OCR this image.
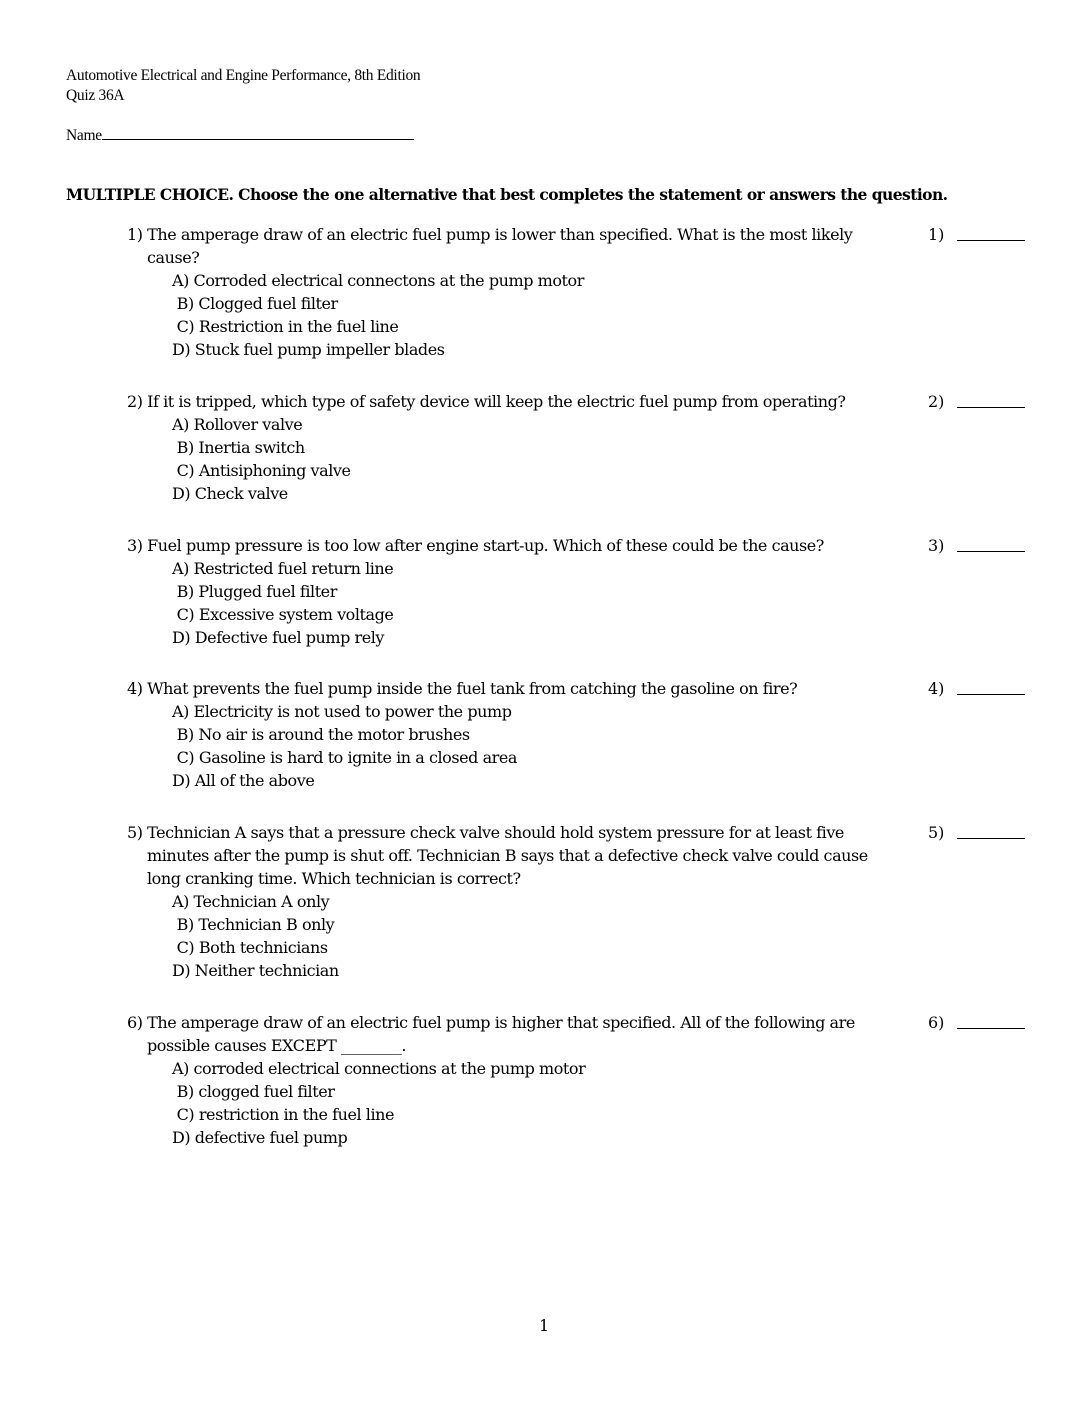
Automotive Electrical and Engine Performance, 8th Edition
Quiz 36A
Name
MULTIPLE CHOICE. Choose the one alternative that best completes the statement or answers the question.
1) The amperage draw of an electric fuel pump is lower than specified. What is the most likely
cause?
A) Corroded electrical connectons at the pump motor
B) Clogged fuel filter
C) Restriction in the fuel line
D) Stuck fuel pump impeller blades
1)
2) If it is tripped, which type of safety device will keep the electric fuel pump from operating?
A) Rollover valve
B) Inertia switch
C) Antisiphoning valve
D) Check valve
2)
3) Fuel pump pressure is too low after engine start-up. Which of these could be the cause?
A) Restricted fuel return line
B) Plugged fuel filter
C) Excessive system voltage
D) Defective fuel pump rely
3)
4) What prevents the fuel pump inside the fuel tank from catching the gasoline on fire?
A) Electricity is not used to power the pump
B) No air is around the motor brushes
C) Gasoline is hard to ignite in a closed area
D) All of the above
4)
5) Technician A says that a pressure check valve should hold system pressure for at least five
minutes after the pump is shut off. Technician B says that a defective check valve could cause
long cranking time. Which technician is correct?
A) Technician A only
B) Technician B only
C) Both technicians
D) Neither technician
5)
6) The amperage draw of an electric fuel pump is higher that specified. All of the following are
possible causes EXCEPT ________.
A) corroded electrical connections at the pump motor
B) clogged fuel filter
C) restriction in the fuel line
D) defective fuel pump
6)
1
